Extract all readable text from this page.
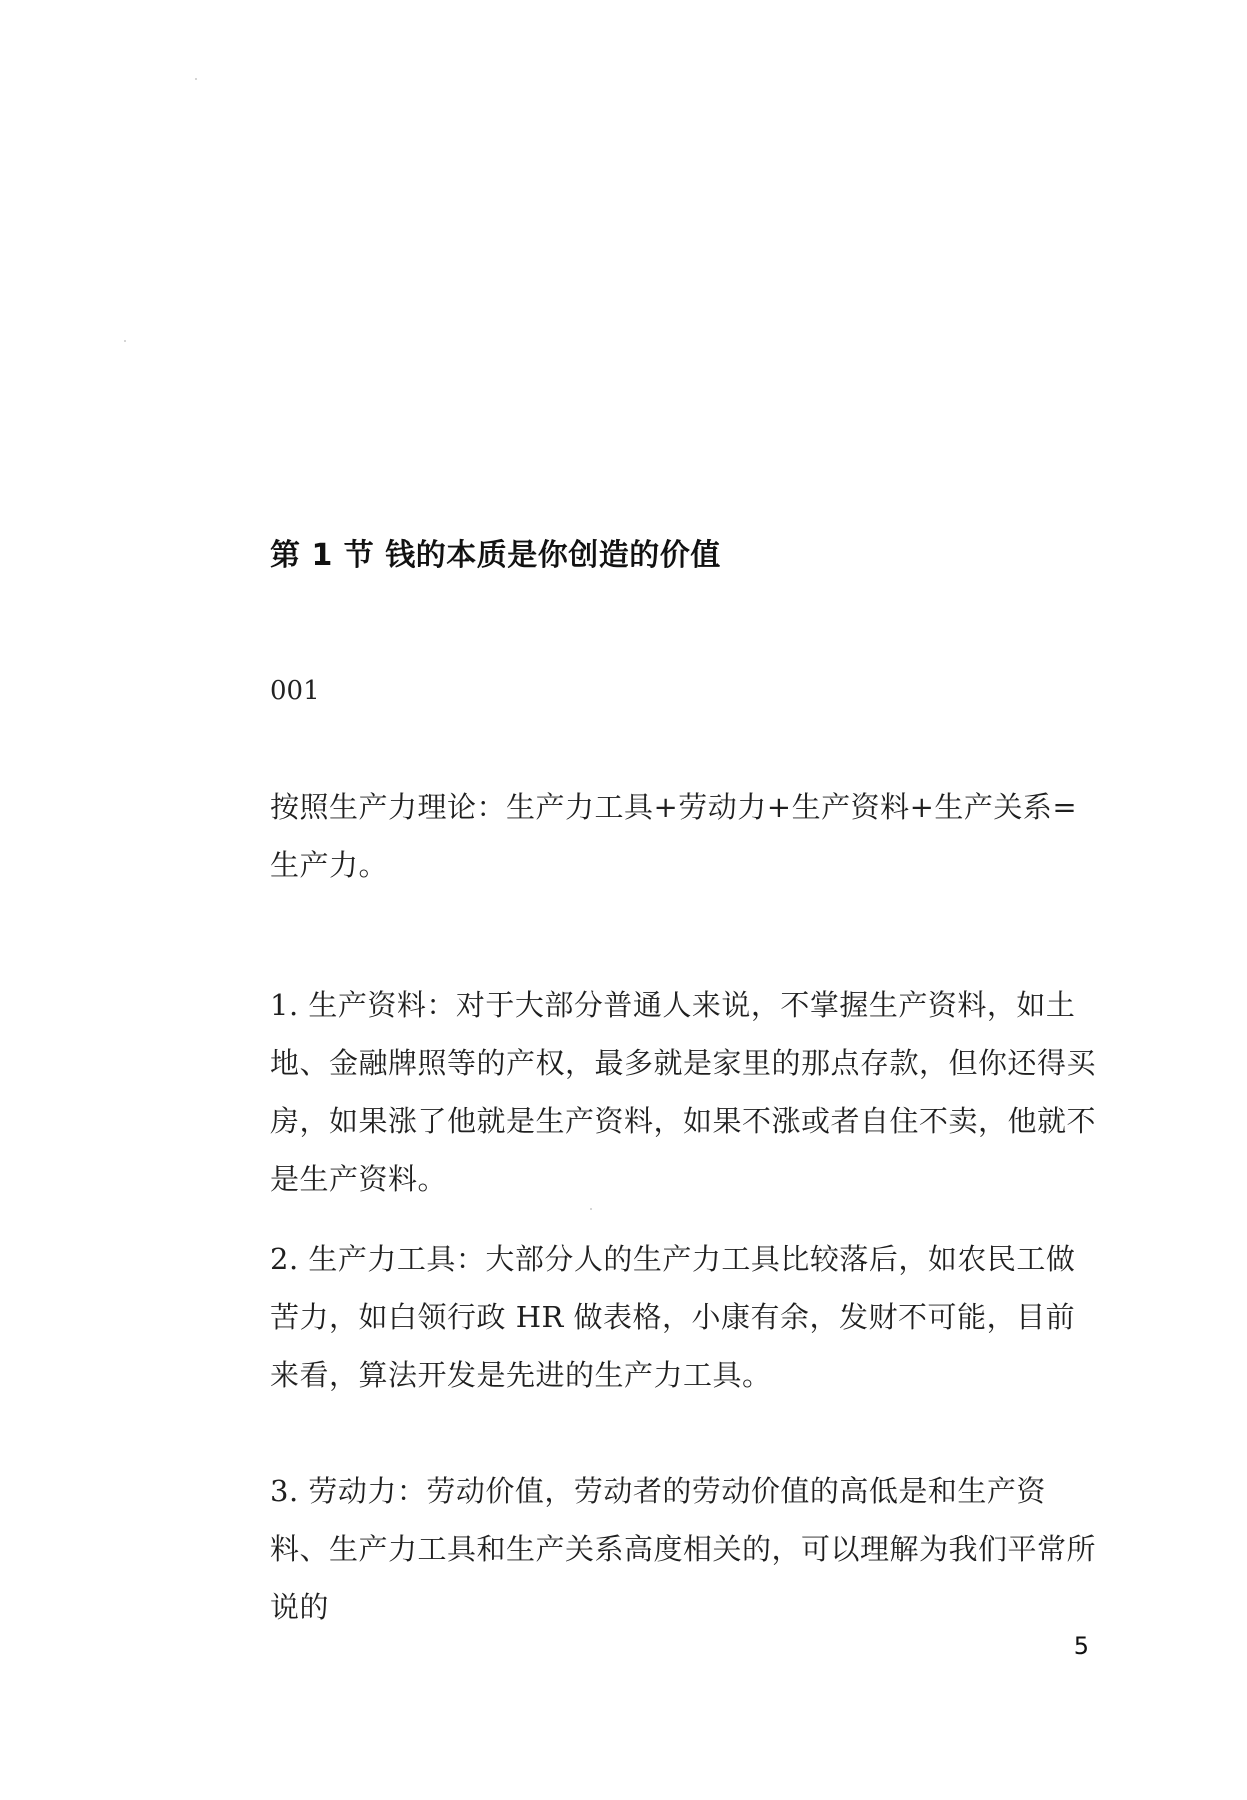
第 1 节 钱的本质是你创造的价值
001

按照生产力理论：生产力工具+劳动力+生产资料+生产关系=生产力。

1. 生产资料：对于大部分普通人来说，不掌握生产资料，如土地、金融牌照等的产权，最多就是家里的那点存款，但你还得买房，如果涨了他就是生产资料，如果不涨或者自住不卖，他就不是生产资料。

2. 生产力工具：大部分人的生产力工具比较落后，如农民工做苦力，如白领行政 HR 做表格，小康有余，发财不可能，目前来看，算法开发是先进的生产力工具。

3. 劳动力：劳动价值，劳动者的劳动价值的高低是和生产资料、生产力工具和生产关系高度相关的，可以理解为我们平常所说的

5
